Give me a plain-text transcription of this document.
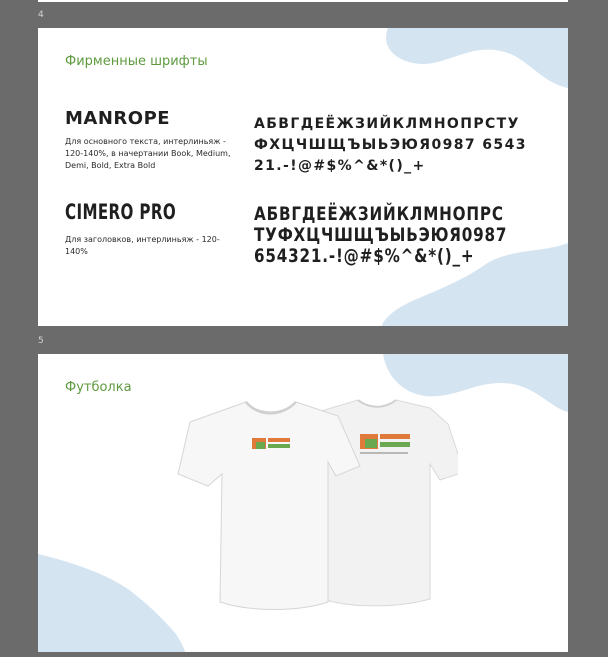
4
Фирменные шрифты
MANROPE
Для основного текста, интерлиньяж - 120-140%, в начертании Book, Medium, Demi, Bold, Extra Bold
АБВГДЕЁЖЗИЙКЛМНОПРСТУ
ФХЦЧШЩЪЫЬЭЮЯ0987 6543
21.-!@#$%^&*()_+
CIMERO PRO
Для заголовков, интерлиньяж - 120-140%
АБВГДЕЁЖЗИЙКЛМНОПРС
ТУФХЦЧШЩЪЫЬЭЮЯ0987
654321.-!@#$%^&*()_+
5
Футболка
